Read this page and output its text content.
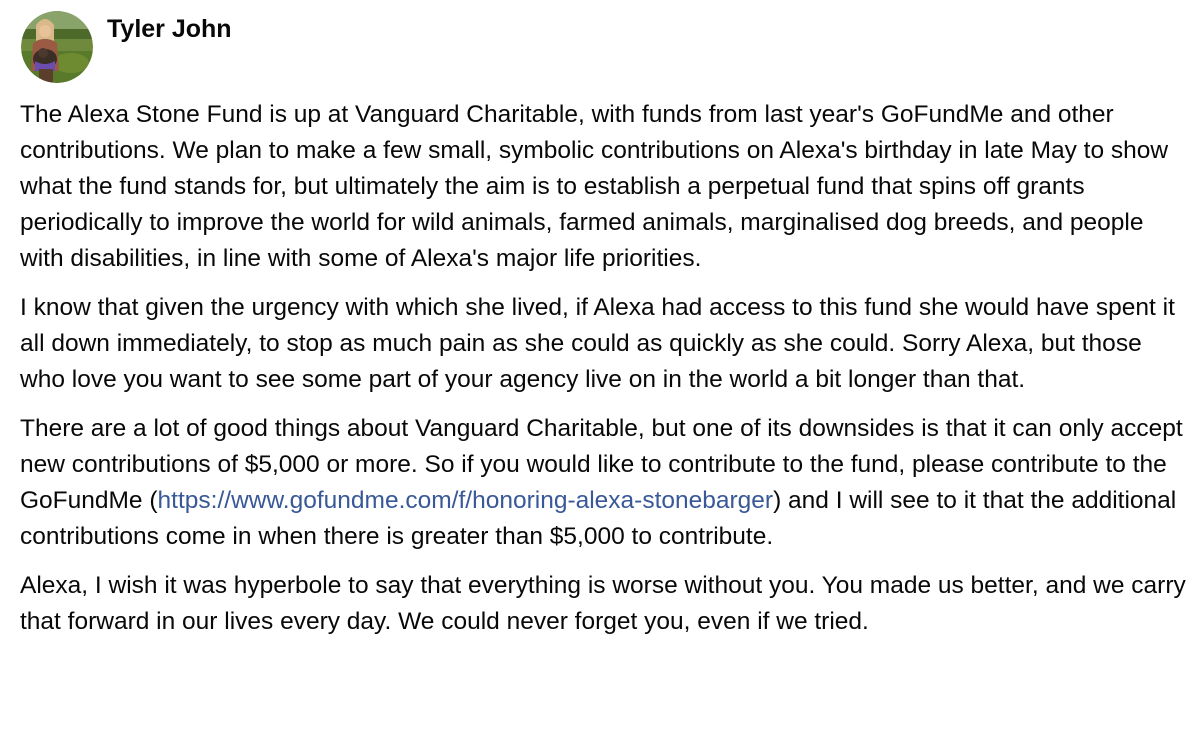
Tyler John

The Alexa Stone Fund is up at Vanguard Charitable, with funds from last year's GoFundMe and other contributions. We plan to make a few small, symbolic contributions on Alexa's birthday in late May to show what the fund stands for, but ultimately the aim is to establish a perpetual fund that spins off grants periodically to improve the world for wild animals, farmed animals, marginalised dog breeds, and people with disabilities, in line with some of Alexa's major life priorities.

I know that given the urgency with which she lived, if Alexa had access to this fund she would have spent it all down immediately, to stop as much pain as she could as quickly as she could. Sorry Alexa, but those who love you want to see some part of your agency live on in the world a bit longer than that.

There are a lot of good things about Vanguard Charitable, but one of its downsides is that it can only accept new contributions of $5,000 or more. So if you would like to contribute to the fund, please contribute to the GoFundMe (https://www.gofundme.com/f/honoring-alexa-stonebarger) and I will see to it that the additional contributions come in when there is greater than $5,000 to contribute.

Alexa, I wish it was hyperbole to say that everything is worse without you. You made us better, and we carry that forward in our lives every day. We could never forget you, even if we tried.
